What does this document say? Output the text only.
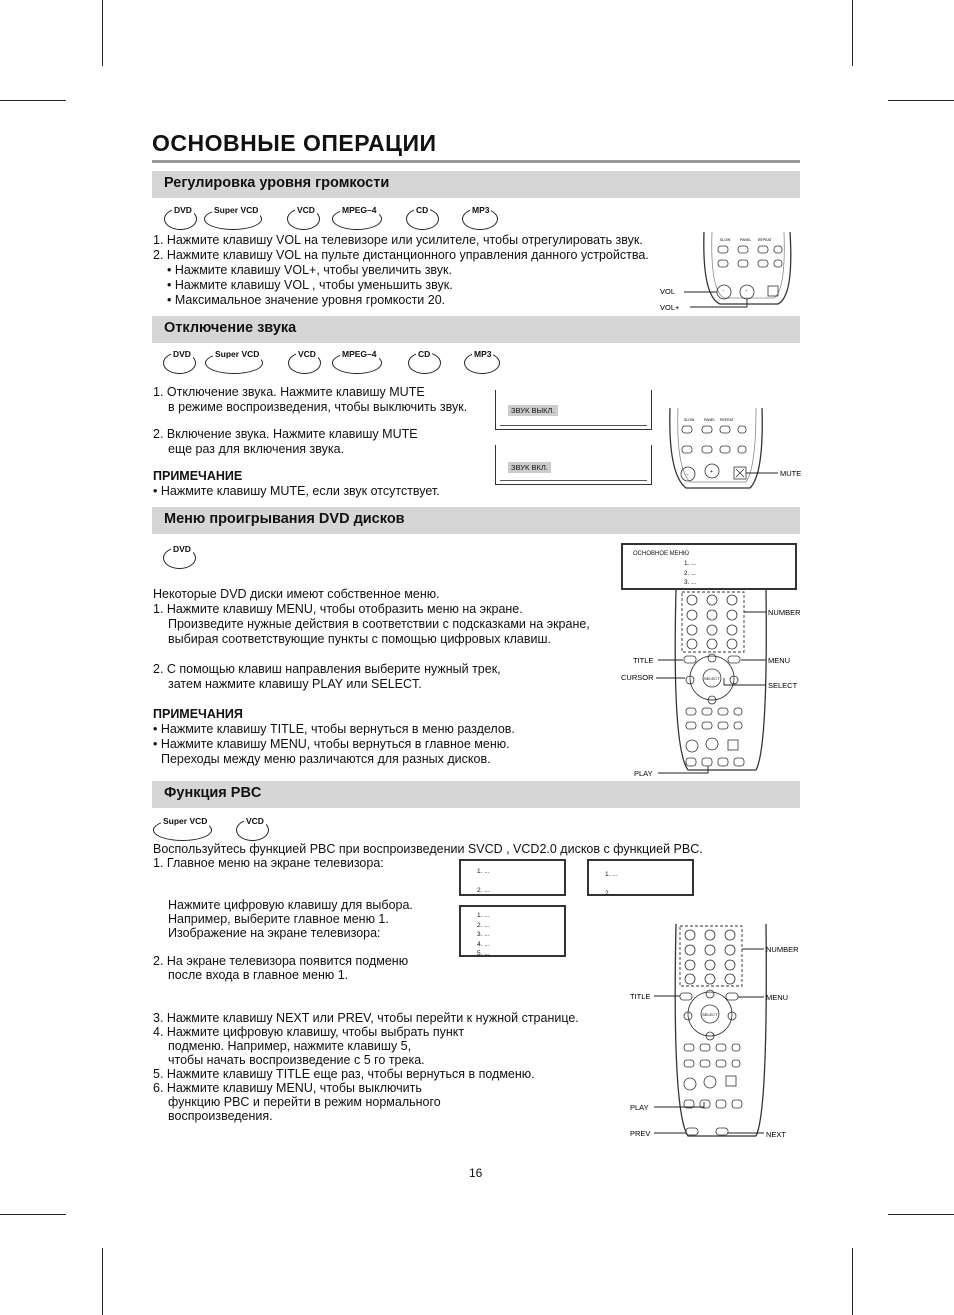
ОСНОВНЫЕ ОПЕРАЦИИ
Регулировка уровня громкости
DVD	Super VCD	VCD	MPEG–4	CD	MP3
1. Нажмите клавишу VOL на телевизоре или усилителе, чтобы отрегулировать звук.
2. Нажмите клавишу VOL на пульте дистанционного управления данного устройства.
• Нажмите клавишу VOL+, чтобы увеличить звук.
• Нажмите клавишу VOL , чтобы уменьшить звук.
• Максимальное значение уровня громкости 20.
SLOW	PANEL REPEAT
−	+
VOL
VOL+
Отключение звука
DVD	Super VCD	VCD	MPEG–4	CD	MP3
1. Отключение звука. Нажмите клавишу MUTE
в режиме воспроизведения, чтобы выключить звук.
2. Включение звука. Нажмите клавишу MUTE
еще раз для включения звука.
ПРИМЕЧАНИЕ
• Нажмите клавишу MUTE, если звук отсутствует.
ЗВУК ВЫКЛ.
ЗВУК ВКЛ.
SLOW	PANEL REPEAT
−	+	MUTE
Меню проигрывания DVD дисков
DVD
Некоторые DVD диски имеют собственное меню.
1. Нажмите клавишу MENU, чтобы отобразить меню на экране.
Произведите нужные действия в соответствии с подсказками на экране,
выбирая соответствующие пункты с помощью цифровых клавиш.
2. С помощью клавиш направления выберите нужный трек,
затем нажмите клавишу PLAY или SELECT.
ПРИМЕЧАНИЯ
• Нажмите клавишу TITLE, чтобы вернуться в меню разделов.
• Нажмите клавишу MENU, чтобы вернуться в главное меню.
Переходы между меню различаются для разных дисков.
ОСНОВНОЕ МЕНЮ
1. ...
2. ...
3. ...
SELECT
NUMBER
TITLE	MENU
CURSOR
SELECT
PLAY
Функция PBC
Super VCD	VCD
Воспользуйтесь функцией PBC при воспроизведении SVCD , VCD2.0 дисков с функцией PBC.
1. Главное меню на экране телевизора:
Нажмите цифровую клавишу для выбора.
Например, выберите главное меню 1.
Изображение на экране телевизора:
2. На экране телевизора появится подменю
после входа в главное меню 1.
3. Нажмите клавишу NEXT или PREV, чтобы перейти к нужной странице.
4. Нажмите цифровую клавишу, чтобы выбрать пункт
подменю. Например, нажмите клавишу 5,
чтобы начать воспроизведение с 5 го трека.
5. Нажмите клавишу TITLE еще раз, чтобы вернуться в подменю.
6. Нажмите клавишу MENU, чтобы выключить
функцию PBC и перейти в режим нормального
воспроизведения.
1. ...

2. ...
1. ...

2. ...
1. ...
2. ...
3. ...
4. ...
5. ...
SELECT
NUMBER
TITLE	MENU
PLAY
PREV	NEXT
16
